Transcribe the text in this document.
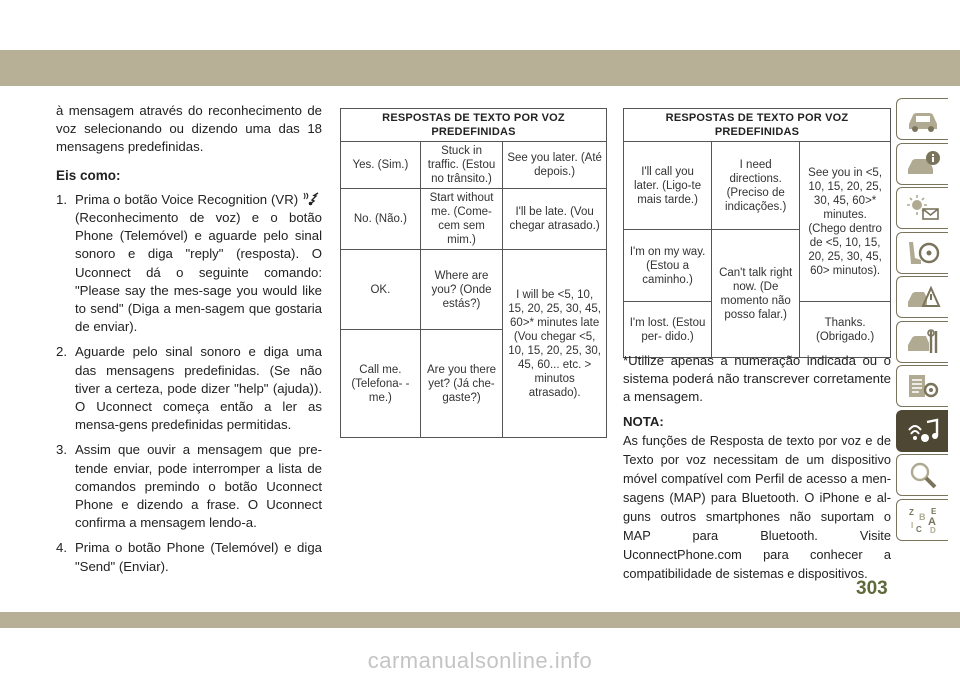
à mensagem através do reconhecimento de voz selecionando ou dizendo uma das 18 mensagens predefinidas.

Eis como:

1. Prima o botão Voice Recognition (VR)  (Reconhecimento de voz) e o botão Phone (Telemóvel) e aguarde pelo sinal sonoro e diga "reply" (resposta). O Uconnect dá o seguinte comando: "Please say the mes-sage you would like to send" (Diga a men-sagem que gostaria de enviar).
2. Aguarde pelo sinal sonoro e diga uma das mensagens predefinidas. (Se não tiver a certeza, pode dizer "help" (ajuda)). O Uconnect começa então a ler as mensa-gens predefinidas permitidas.
3. Assim que ouvir a mensagem que pre-tende enviar, pode interromper a lista de comandos premindo o botão Uconnect Phone e dizendo a frase. O Uconnect confirma a mensagem lendo-a.
4. Prima o botão Phone (Telemóvel) e diga "Send" (Enviar).
RESPOSTAS DE TEXTO POR VOZ PREDEFINIDAS		
Yes. (Sim.)	Stuck in traffic. (Estou no trânsito.)	See you later. (Até depois.)
No. (Não.)	Start without me. (Come- cem sem mim.)	I'll be late. (Vou chegar atrasado.)
OK.	Where are you? (Onde estás?)	I will be <5, 10, 15, 20, 25, 30, 45, 60>* minutes late (Vou chegar <5, 10, 15, 20, 25, 30, 45, 60... etc. > minutos atrasado).
Call me. (Telefona- -me.)	Are you there yet? (Já che- gaste?)	
RESPOSTAS DE TEXTO POR VOZ PREDEFINIDAS		
I'll call you later. (Ligo-te mais tarde.)	I need directions. (Preciso de indicações.)	See you in <5, 10, 15, 20, 25, 30, 45, 60>* minutes. (Chego dentro de <5, 10, 15, 20, 25, 30, 45, 60> minutos).
I'm on my way. (Estou a caminho.)	Can't talk right now. (De momento não posso falar.)	
I'm lost. (Estou per- dido.)		Thanks. (Obrigado.)

*Utilize apenas a numeração indicada ou o sistema poderá não transcrever corretamente a mensagem.

NOTA:

As funções de Resposta de texto por voz e de Texto por voz necessitam de um dispositivo móvel compatível com Perfil de acesso a men-sagens (MAP) para Bluetooth. O iPhone e al-guns outros smartphones não suportam o MAP para Bluetooth. Visite UconnectPhone.com para conhecer a compatibilidade de sistemas e dispositivos.

Z E
B A
I C D
303
carmanualsonline.info
